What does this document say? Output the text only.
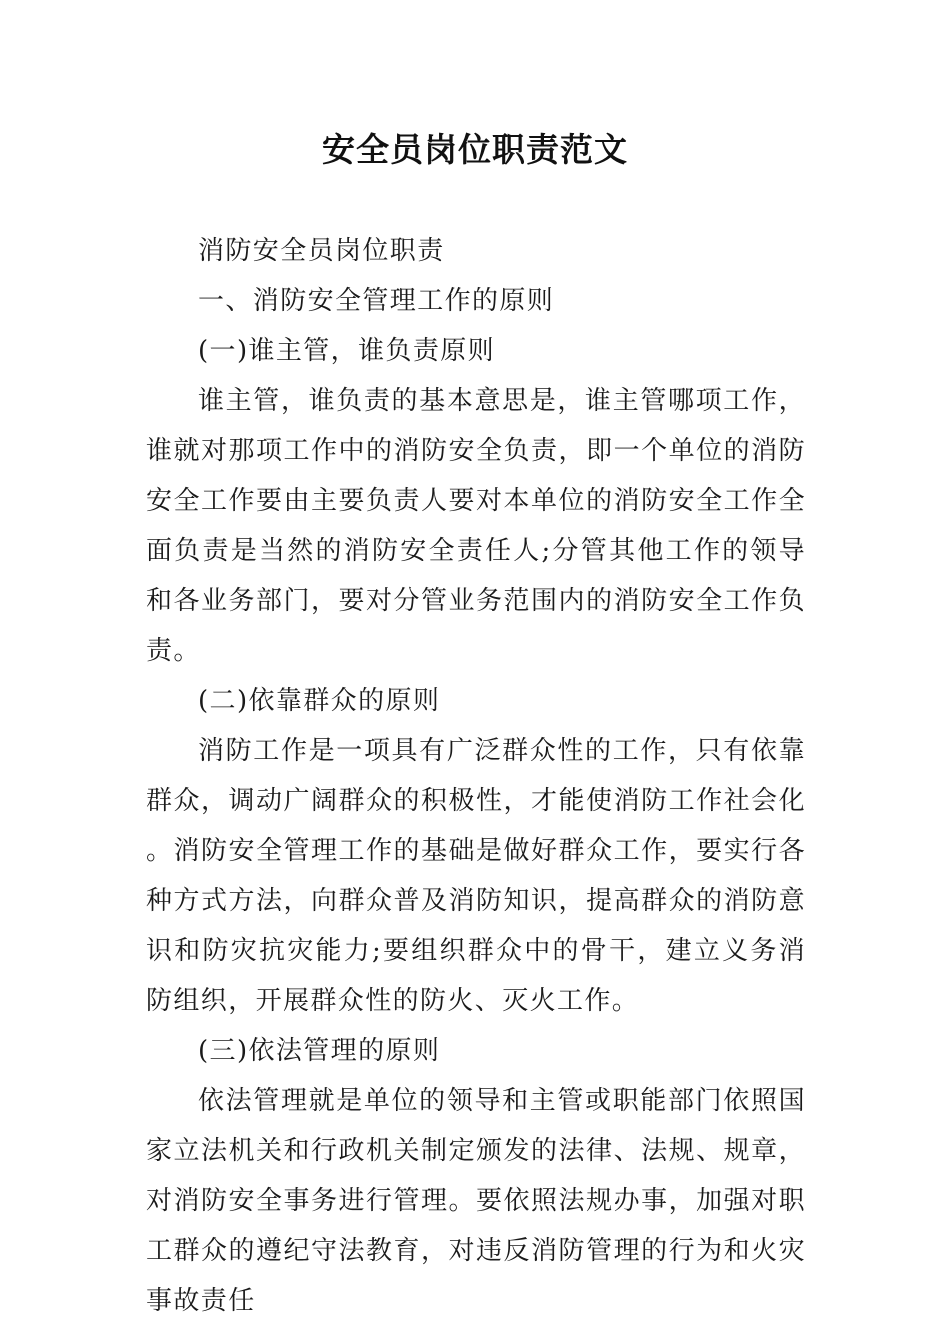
安全员岗位职责范文

消防安全员岗位职责

一、消防安全管理工作的原则

(一)谁主管，谁负责原则

谁主管，谁负责的基本意思是，谁主管哪项工作，谁就对那项工作中的消防安全负责，即一个单位的消防安全工作要由主要负责人要对本单位的消防安全工作全面负责是当然的消防安全责任人;分管其他工作的领导和各业务部门，要对分管业务范围内的消防安全工作负责。

(二)依靠群众的原则

消防工作是一项具有广泛群众性的工作，只有依靠群众，调动广阔群众的积极性，才能使消防工作社会化。消防安全管理工作的基础是做好群众工作，要实行各种方式方法，向群众普及消防知识，提高群众的消防意识和防灾抗灾能力;要组织群众中的骨干，建立义务消防组织，开展群众性的防火、灭火工作。

(三)依法管理的原则

依法管理就是单位的领导和主管或职能部门依照国家立法机关和行政机关制定颁发的法律、法规、规章，对消防安全事务进行管理。要依照法规办事，加强对职工群众的遵纪守法教育，对违反消防管理的行为和火灾事故责任
